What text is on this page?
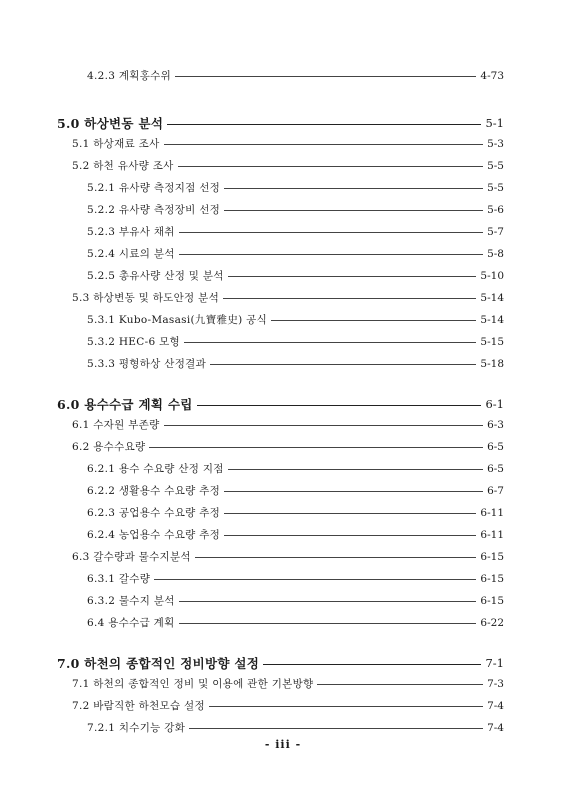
4.2.3 계획홍수위	4-73
5.0 하상변동 분석	5-1
5.1 하상재료 조사	5-3
5.2 하천 유사량 조사	5-5
5.2.1 유사량 측정지점 선정	5-5
5.2.2 유사량 측정장비 선정	5-6
5.2.3 부유사 채취	5-7
5.2.4 시료의 분석	5-8
5.2.5 총유사량 산정 및 분석	5-10
5.3 하상변동 및 하도안정 분석	5-14
5.3.1 Kubo-Masasi(九寶雅史) 공식	5-14
5.3.2 HEC-6 모형	5-15
5.3.3 평형하상 산정결과	5-18
6.0 용수수급 계획 수립	6-1
6.1 수자원 부존량	6-3
6.2 용수수요량	6-5
6.2.1 용수 수요량 산정 지점	6-5
6.2.2 생활용수 수요량 추정	6-7
6.2.3 공업용수 수요량 추정	6-11
6.2.4 농업용수 수요량 추정	6-11
6.3 갈수량과 물수지분석	6-15
6.3.1 갈수량	6-15
6.3.2 물수지 분석	6-15
6.4 용수수급 계획	6-22
7.0 하천의 종합적인 정비방향 설정	7-1
7.1 하천의 종합적인 정비 및 이용에 관한 기본방향	7-3
7.2 바람직한 하천모습 설정	7-4
7.2.1 치수기능 강화	7-4
- iii -
